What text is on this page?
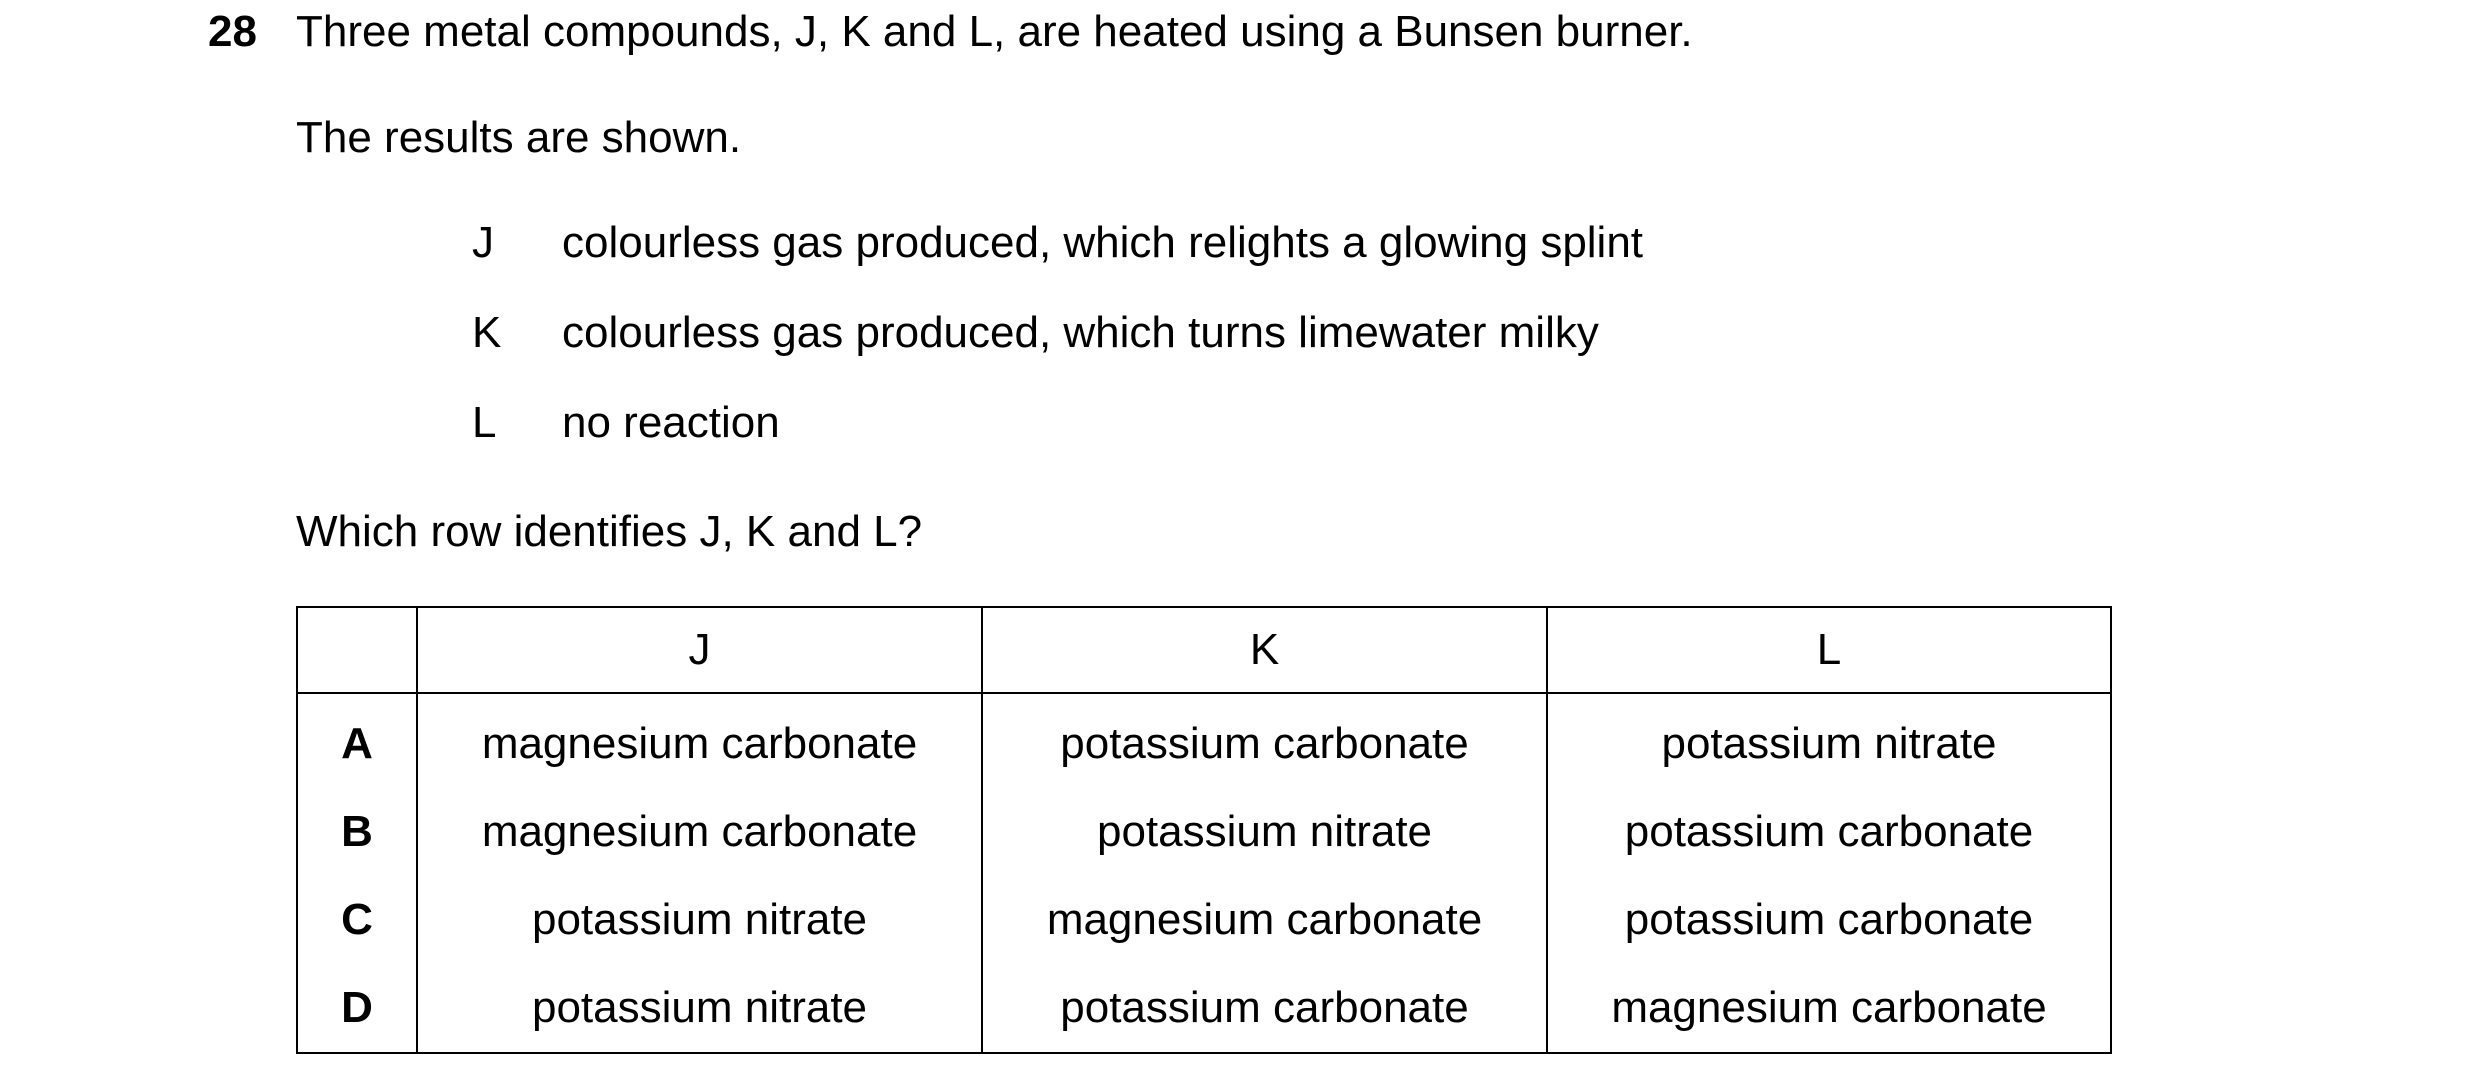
28 Three metal compounds, J, K and L, are heated using a Bunsen burner.
The results are shown.
J colourless gas produced, which relights a glowing splint
K colourless gas produced, which turns limewater milky
L no reaction
Which row identifies J, K and L?
	J	K	L
A	magnesium carbonate	potassium carbonate	potassium nitrate
B	magnesium carbonate	potassium nitrate	potassium carbonate
C	potassium nitrate	magnesium carbonate	potassium carbonate
D	potassium nitrate	potassium carbonate	magnesium carbonate
